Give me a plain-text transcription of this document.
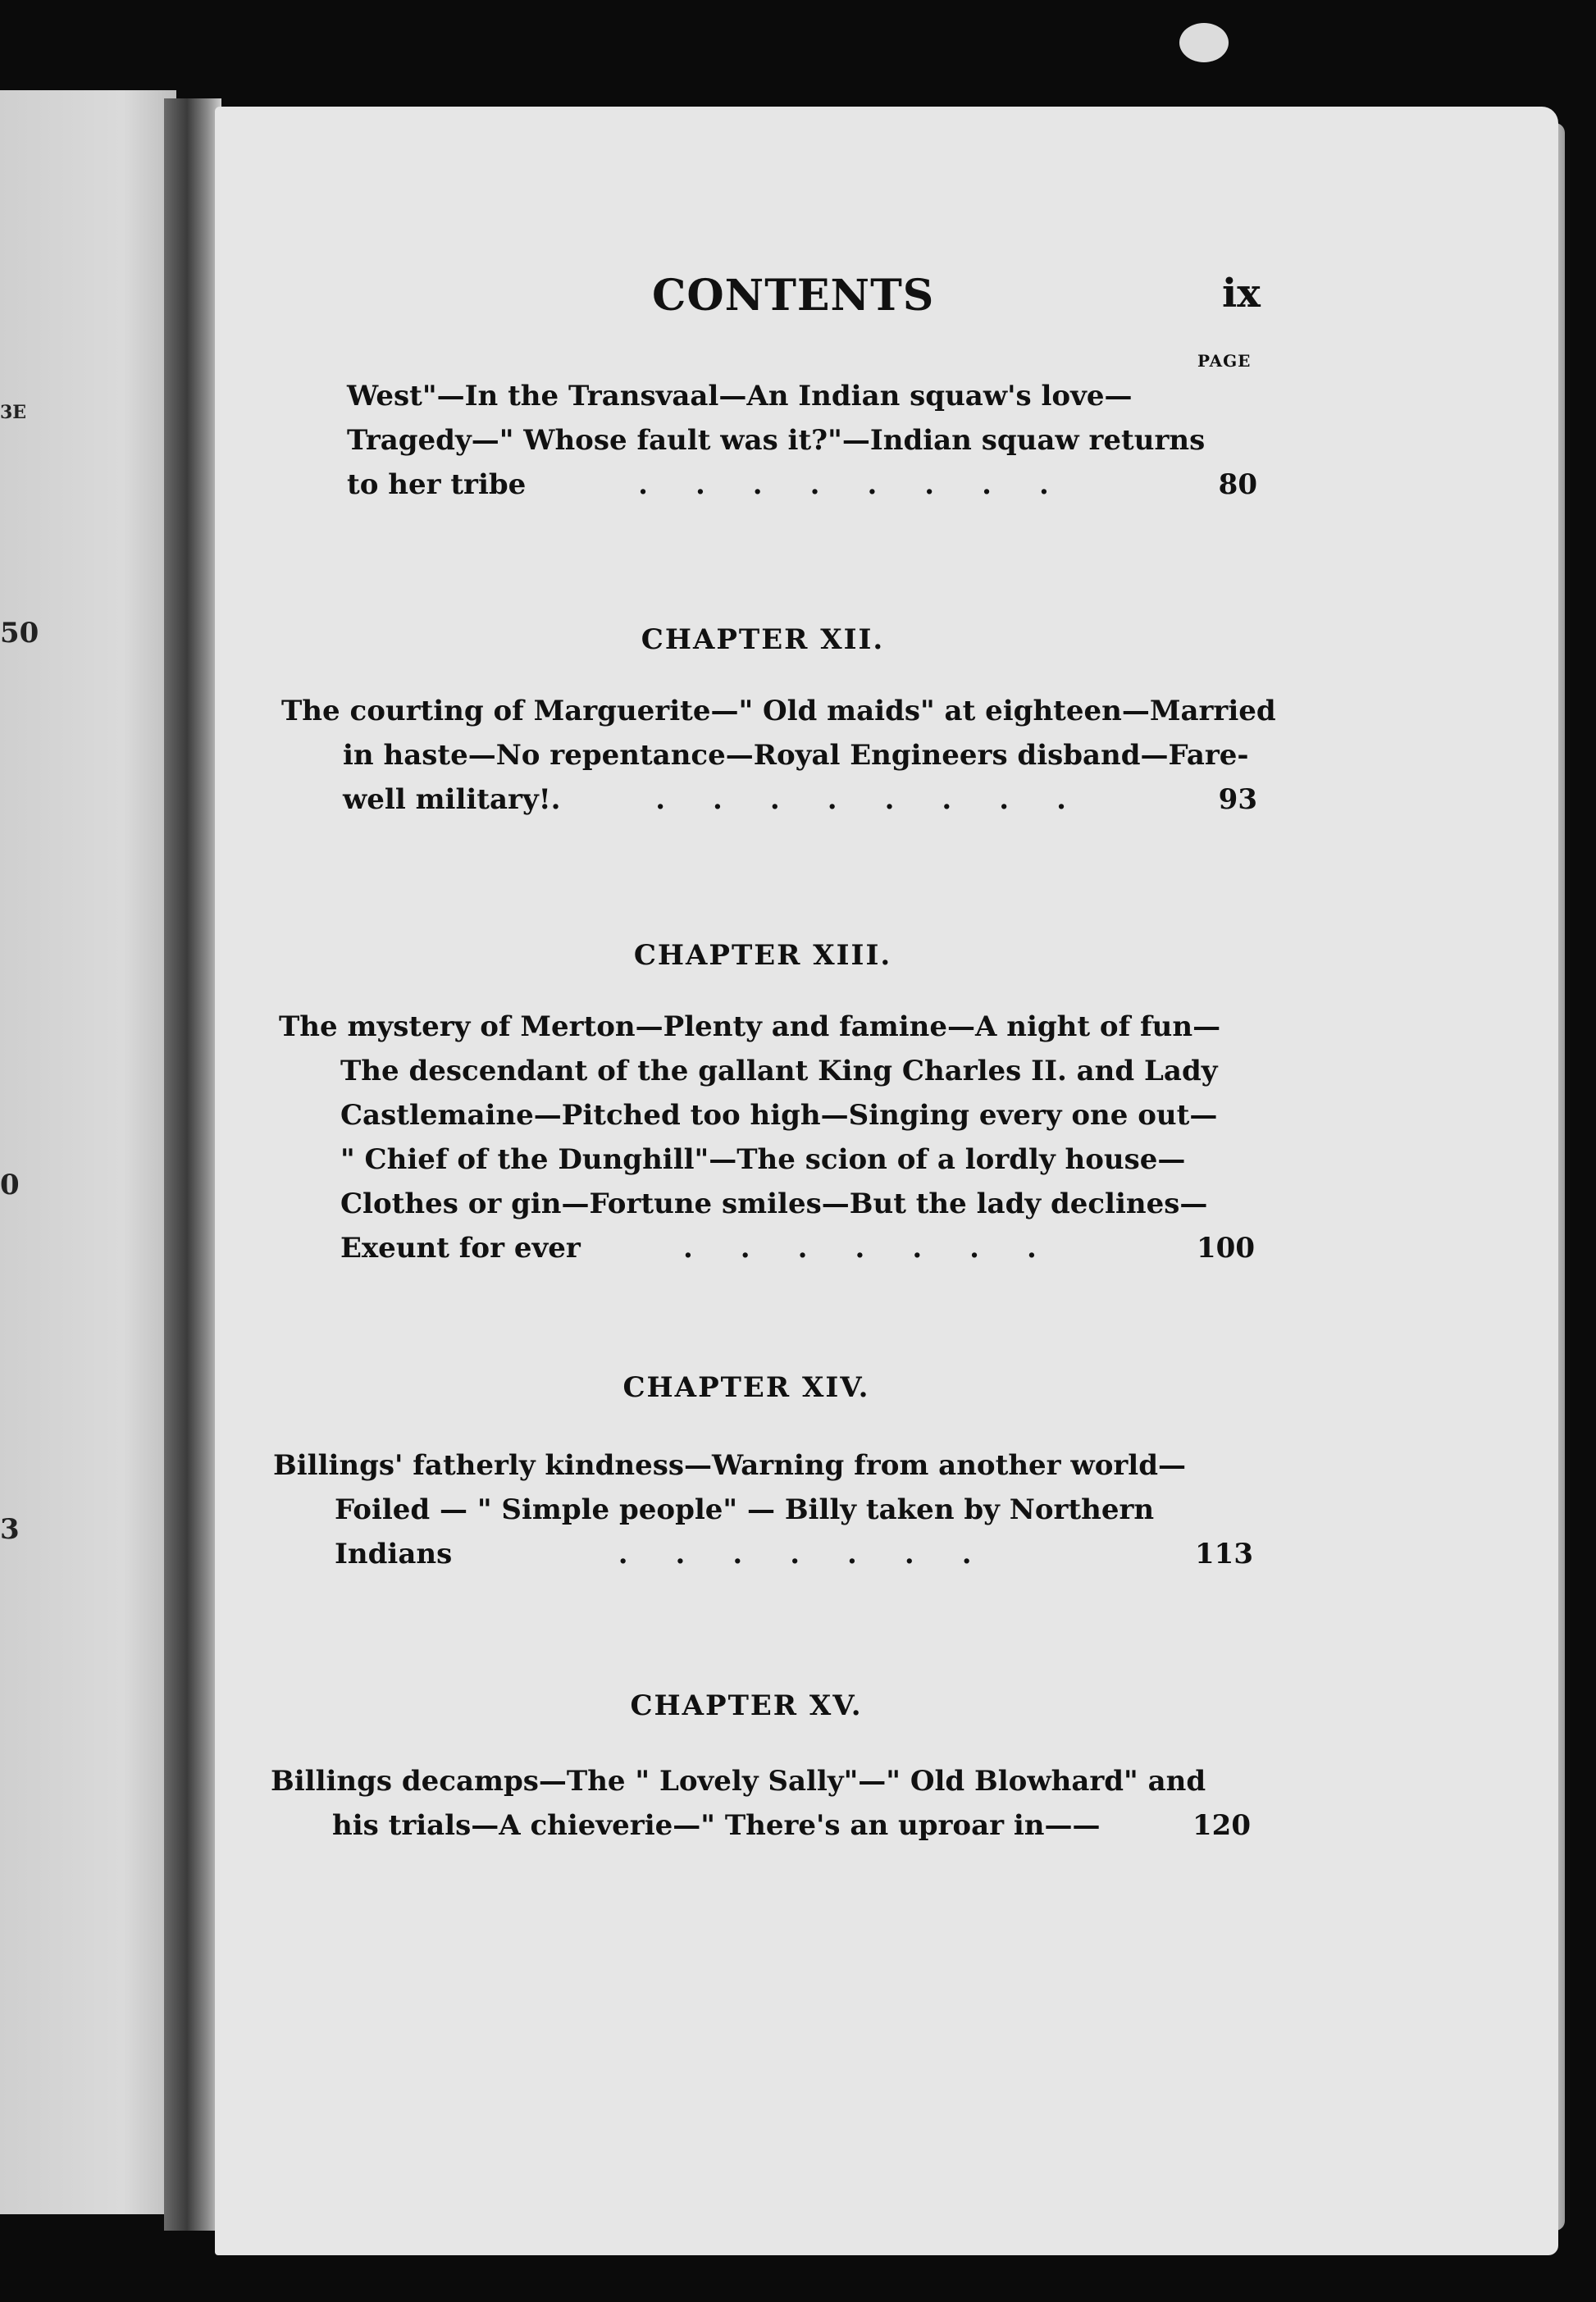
3E
50
0
3
CONTENTS	ix
PAGE
West"—In the Transvaal—An Indian squaw's love—
Tragedy—" Whose fault was it?"—Indian squaw returns
to her tribe	........	80
CHAPTER XII.
The courting of Marguerite—" Old maids" at eighteen—Married
in haste—No repentance—Royal Engineers disband—Fare-
well military!.	........	93
CHAPTER XIII.
The mystery of Merton—Plenty and famine—A night of fun—
The descendant of the gallant King Charles II. and Lady
Castlemaine—Pitched too high—Singing every one out—
" Chief of the Dunghill"—The scion of a lordly house—
Clothes or gin—Fortune smiles—But the lady declines—
Exeunt for ever	.......	100
CHAPTER XIV.
Billings' fatherly kindness—Warning from another world—
Foiled — " Simple people" — Billy taken by Northern
Indians	.......	113
CHAPTER XV.
Billings decamps—The " Lovely Sally"—" Old Blowhard" and
his trials—A chieverie—" There's an uproar in——	120
